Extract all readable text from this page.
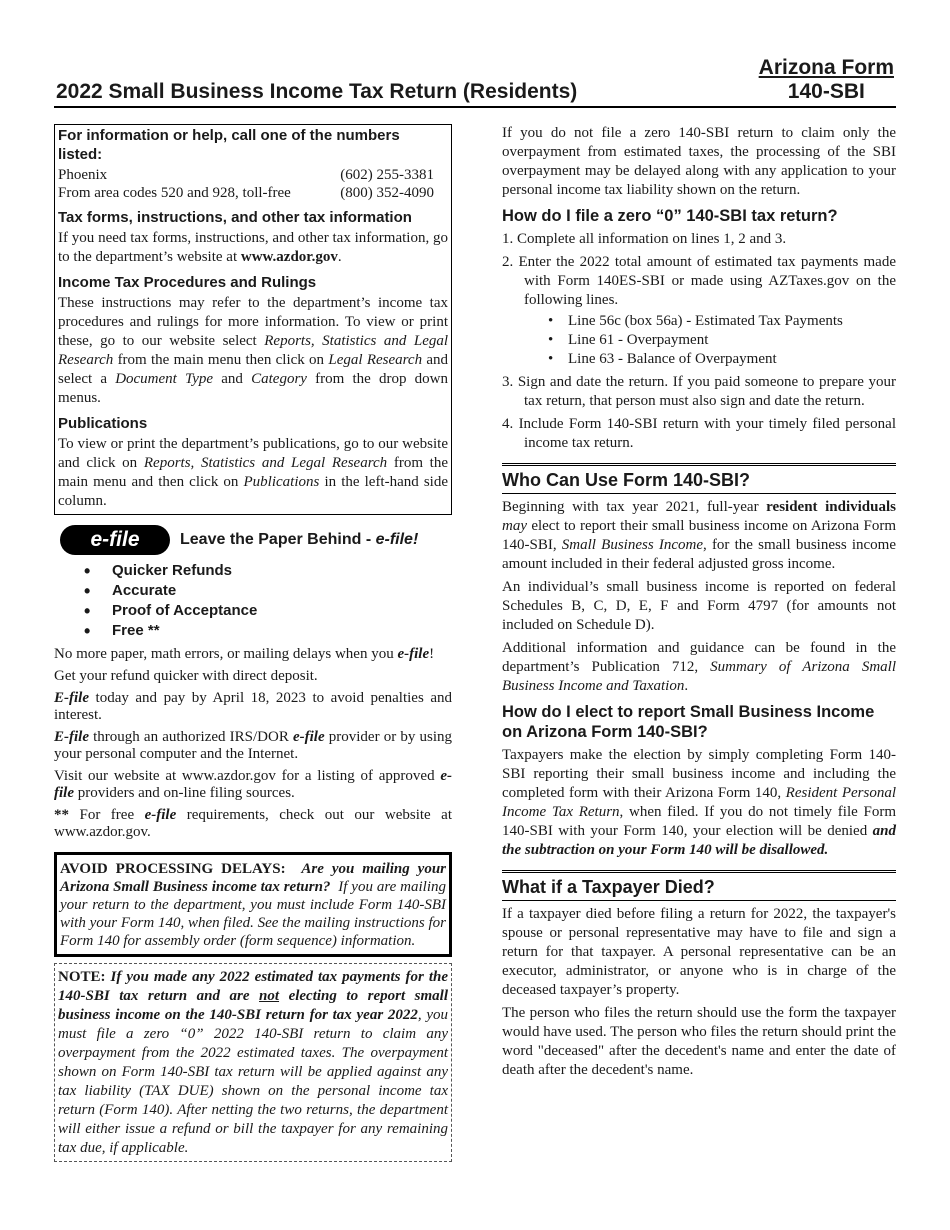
2022 Small Business Income Tax Return (Residents)
Arizona Form
140-SBI
For information or help, call one of the numbers listed:
Phoenix	(602) 255-3381
From area codes 520 and 928, toll-free	(800) 352-4090
Tax forms, instructions, and other tax information

If you need tax forms, instructions, and other tax information, go to the department’s website at www.azdor.gov.

Income Tax Procedures and Rulings

These instructions may refer to the department’s income tax procedures and rulings for more information. To view or print these, go to our website select Reports, Statistics and Legal Research from the main menu then click on Legal Research and select a Document Type and Category from the drop down menus.

Publications

To view or print the department’s publications, go to our website and click on Reports, Statistics and Legal Research from the main menu and then click on Publications in the left-hand side column.

e-file	Leave the Paper Behind - e-file!
• Quicker Refunds
• Accurate
• Proof of Acceptance
• Free **

No more paper, math errors, or mailing delays when you e-file!

Get your refund quicker with direct deposit.

E-file today and pay by April 18, 2023 to avoid penalties and interest.

E-file through an authorized IRS/DOR e-file provider or by using your personal computer and the Internet.

Visit our website at www.azdor.gov for a listing of approved e-file providers and on-line filing sources.

** For free e-file requirements, check out our website at www.azdor.gov.

AVOID PROCESSING DELAYS: Are you mailing your Arizona Small Business income tax return? If you are mailing your return to the department, you must include Form 140-SBI with your Form 140, when filed. See the mailing instructions for Form 140 for assembly order (form sequence) information.
NOTE: If you made any 2022 estimated tax payments for the 140-SBI tax return and are not electing to report small business income on the 140-SBI return for tax year 2022, you must file a zero “0” 2022 140-SBI return to claim any overpayment from the 2022 estimated taxes. The overpayment shown on Form 140-SBI tax return will be applied against any tax liability (TAX DUE) shown on the personal income tax return (Form 140). After netting the two returns, the department will either issue a refund or bill the taxpayer for any remaining tax due, if applicable.

If you do not file a zero 140-SBI return to claim only the overpayment from estimated taxes, the processing of the SBI overpayment may be delayed along with any application to your personal income tax liability shown on the return.

How do I file a zero “0” 140-SBI tax return?
1. Complete all information on lines 1, 2 and 3.
2. Enter the 2022 total amount of estimated tax payments made with Form 140ES-SBI or made using AZTaxes.gov on the following lines.
• Line 56c (box 56a) - Estimated Tax Payments
• Line 61 - Overpayment
• Line 63 - Balance of Overpayment
3. Sign and date the return. If you paid someone to prepare your tax return, that person must also sign and date the return.
4. Include Form 140-SBI return with your timely filed personal income tax return.
Who Can Use Form 140-SBI?

Beginning with tax year 2021, full-year resident individuals may elect to report their small business income on Arizona Form 140-SBI, Small Business Income, for the small business income amount included in their federal adjusted gross income.

An individual’s small business income is reported on federal Schedules B, C, D, E, F and Form 4797 (for amounts not included on Schedule D).

Additional information and guidance can be found in the department’s Publication 712, Summary of Arizona Small Business Income and Taxation.

How do I elect to report Small Business Income on Arizona Form 140-SBI?

Taxpayers make the election by simply completing Form 140-SBI reporting their small business income and including the completed form with their Arizona Form 140, Resident Personal Income Tax Return, when filed. If you do not timely file Form 140-SBI with your Form 140, your election will be denied and the subtraction on your Form 140 will be disallowed.

What if a Taxpayer Died?

If a taxpayer died before filing a return for 2022, the taxpayer's spouse or personal representative may have to file and sign a return for that taxpayer. A personal representative can be an executor, administrator, or anyone who is in charge of the deceased taxpayer’s property.

The person who files the return should use the form the taxpayer would have used. The person who files the return should print the word "deceased" after the decedent's name and enter the date of death after the decedent's name.
